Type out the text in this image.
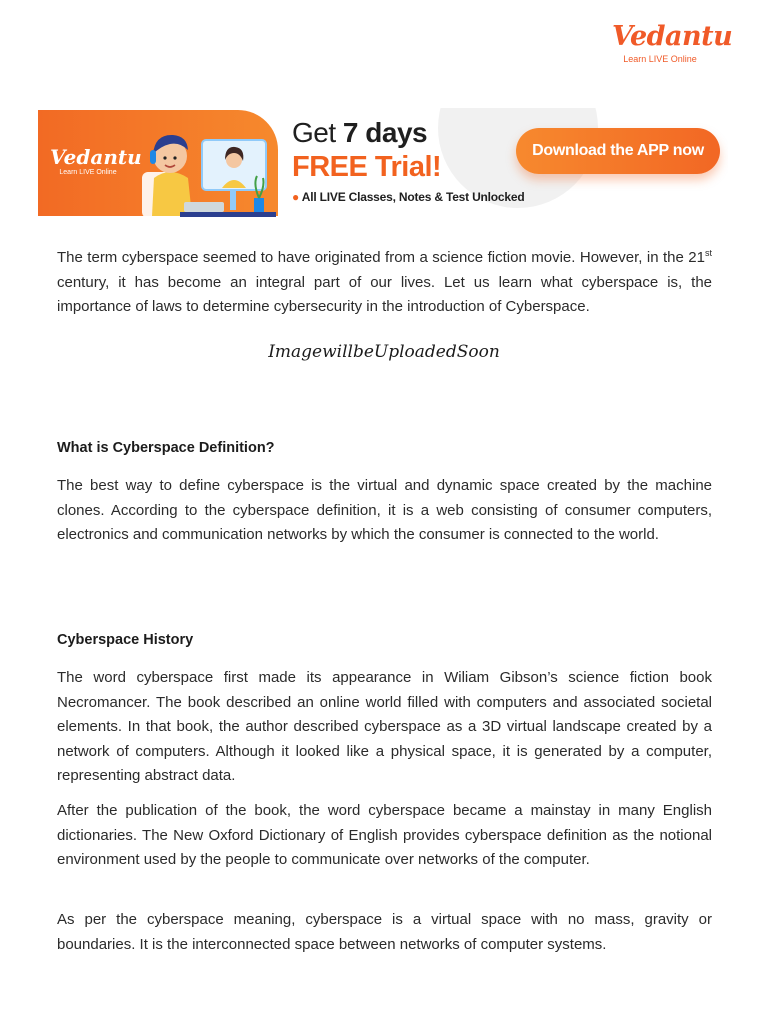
Vedantu
Learn LIVE Online
Vedantu
Learn LIVE Online
Get 7 days
FREE Trial!
● All LIVE Classes, Notes & Test Unlocked
Download the APP now

The term cyberspace seemed to have originated from a science fiction movie. However, in the 21st century, it has become an integral part of our lives. Let us learn what cyberspace is, the importance of laws to determine cybersecurity in the introduction of Cyberspace.

ImagewillbeUploadedSoon
What is Cyberspace Definition?

The best way to define cyberspace is the virtual and dynamic space created by the machine clones. According to the cyberspace definition, it is a web consisting of consumer computers, electronics and communication networks by which the consumer is connected to the world.

Cyberspace History

The word cyberspace first made its appearance in Wiliam Gibson’s science fiction book Necromancer. The book described an online world filled with computers and associated societal elements. In that book, the author described cyberspace as a 3D virtual landscape created by a network of computers. Although it looked like a physical space, it is generated by a computer, representing abstract data.

After the publication of the book, the word cyberspace became a mainstay in many English dictionaries. The New Oxford Dictionary of English provides cyberspace definition as the notional environment used by the people to communicate over networks of the computer.

As per the cyberspace meaning, cyberspace is a virtual space with no mass, gravity or boundaries. It is the interconnected space between networks of computer systems.
